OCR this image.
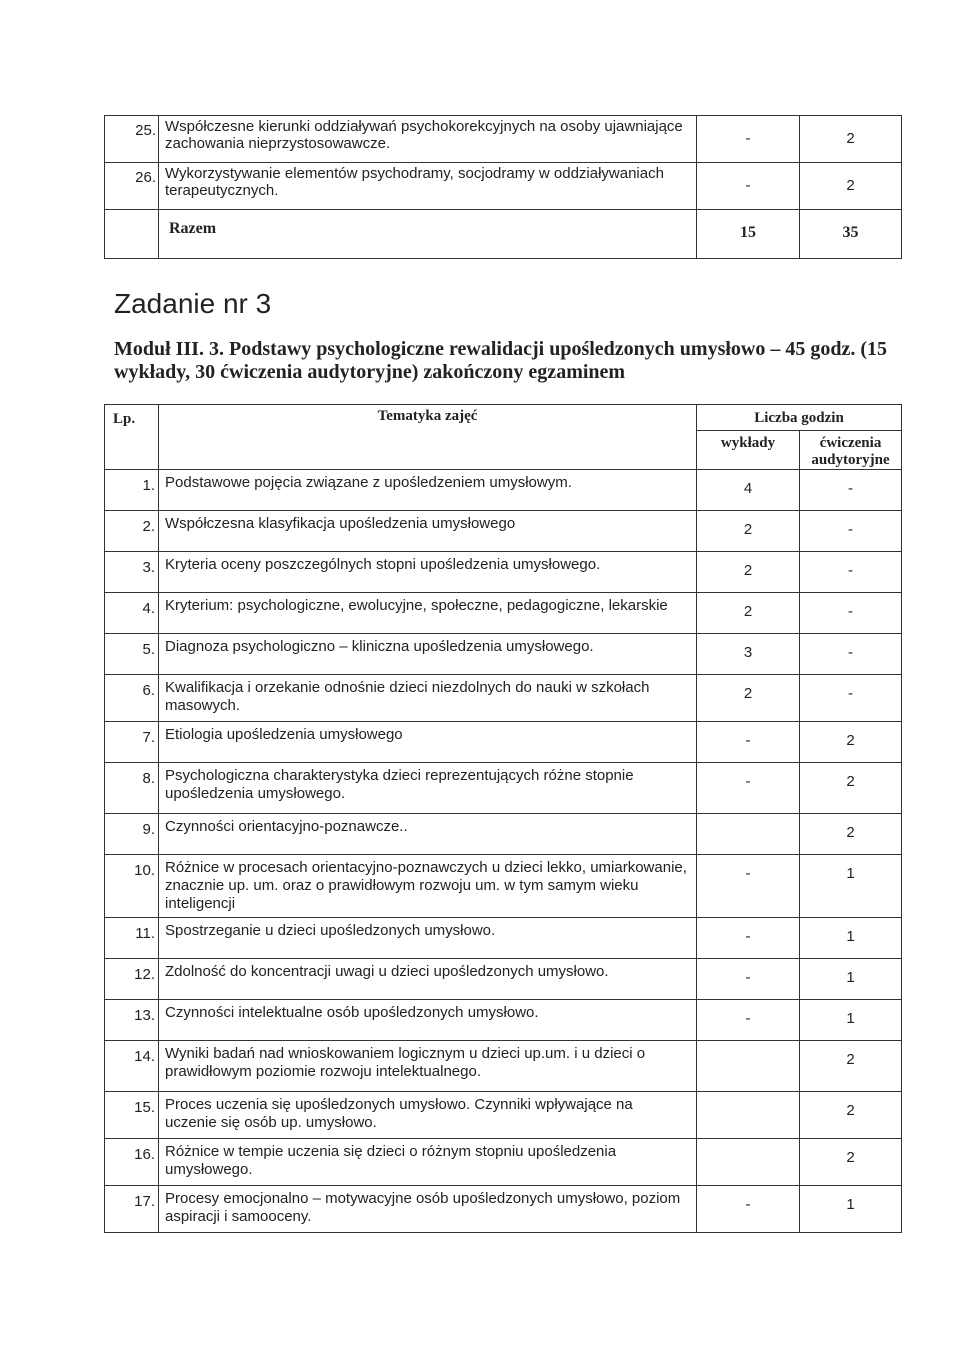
25.	Współczesne kierunki oddziaływań psychokorekcyjnych na osoby ujawniające zachowania nieprzystosowawcze.	-	2
26.	Wykorzystywanie elementów psychodramy, socjodramy w oddziaływaniach terapeutycznych.	-	2
	Razem	15	35
Zadanie nr 3
Moduł III. 3. Podstawy psychologiczne rewalidacji upośledzonych umysłowo – 45 godz. (15 wykłady, 30 ćwiczenia audytoryjne) zakończony egzaminem
Lp.	Tematyka zajęć	Liczba godzin	
		wykłady	ćwiczenia audytoryjne
1.	Podstawowe pojęcia związane z upośledzeniem umysłowym.	4	-
2.	Współczesna klasyfikacja upośledzenia umysłowego	2	-
3.	Kryteria oceny poszczególnych stopni upośledzenia umysłowego.	2	-
4.	Kryterium: psychologiczne, ewolucyjne, społeczne, pedagogiczne, lekarskie	2	-
5.	Diagnoza psychologiczno – kliniczna upośledzenia umysłowego.	3	-
6.	Kwalifikacja i orzekanie odnośnie dzieci niezdolnych do nauki w szkołach masowych.	2	-
7.	Etiologia upośledzenia umysłowego	-	2
8.	Psychologiczna charakterystyka dzieci reprezentujących różne stopnie upośledzenia umysłowego.	-	2
9.	Czynności orientacyjno-poznawcze..		2
10.	Różnice w procesach orientacyjno-poznawczych u dzieci lekko, umiarkowanie, znacznie up. um. oraz o prawidłowym rozwoju um. w tym samym wieku inteligencji	-	1
11.	Spostrzeganie u dzieci upośledzonych umysłowo.	-	1
12.	Zdolność do koncentracji uwagi u dzieci upośledzonych umysłowo.	-	1
13.	Czynności intelektualne osób upośledzonych umysłowo.	-	1
14.	Wyniki badań nad wnioskowaniem logicznym u dzieci up.um. i u dzieci o prawidłowym poziomie rozwoju intelektualnego.		2
15.	Proces uczenia się upośledzonych umysłowo. Czynniki wpływające na uczenie się osób up. umysłowo.		2
16.	Różnice w tempie uczenia się dzieci o różnym stopniu upośledzenia umysłowego.		2
17.	Procesy emocjonalno – motywacyjne osób upośledzonych umysłowo, poziom aspiracji i samooceny.	-	1
